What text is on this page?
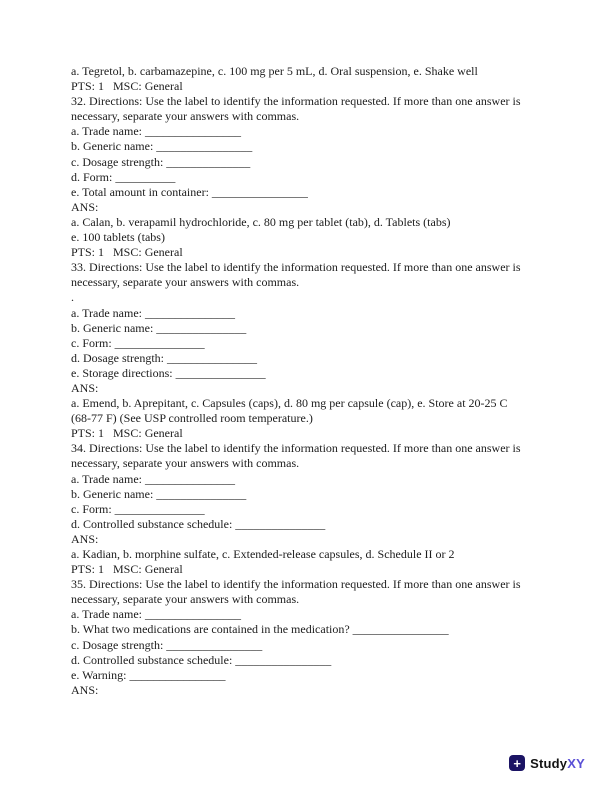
a. Tegretol, b. carbamazepine, c. 100 mg per 5 mL, d. Oral suspension, e. Shake well
PTS: 1   MSC: General
32. Directions: Use the label to identify the information requested. If more than one answer is
necessary, separate your answers with commas.
a. Trade name: ________________
b. Generic name: ________________
c. Dosage strength: ______________
d. Form: __________
e. Total amount in container: ________________
ANS:
a. Calan, b. verapamil hydrochloride, c. 80 mg per tablet (tab), d. Tablets (tabs)
e. 100 tablets (tabs)
PTS: 1   MSC: General
33. Directions: Use the label to identify the information requested. If more than one answer is
necessary, separate your answers with commas.
.
a. Trade name: _______________
b. Generic name: _______________
c. Form: _______________
d. Dosage strength: _______________
e. Storage directions: _______________
ANS:
a. Emend, b. Aprepitant, c. Capsules (caps), d. 80 mg per capsule (cap), e. Store at 20-25 C
(68-77 F) (See USP controlled room temperature.)
PTS: 1   MSC: General
34. Directions: Use the label to identify the information requested. If more than one answer is
necessary, separate your answers with commas.
a. Trade name: _______________
b. Generic name: _______________
c. Form: _______________
d. Controlled substance schedule: _______________
ANS:
a. Kadian, b. morphine sulfate, c. Extended-release capsules, d. Schedule II or 2
PTS: 1   MSC: General
35. Directions: Use the label to identify the information requested. If more than one answer is
necessary, separate your answers with commas.
a. Trade name: ________________
b. What two medications are contained in the medication? ________________
c. Dosage strength: ________________
d. Controlled substance schedule: ________________
e. Warning: ________________
ANS:
+ StudyXY
